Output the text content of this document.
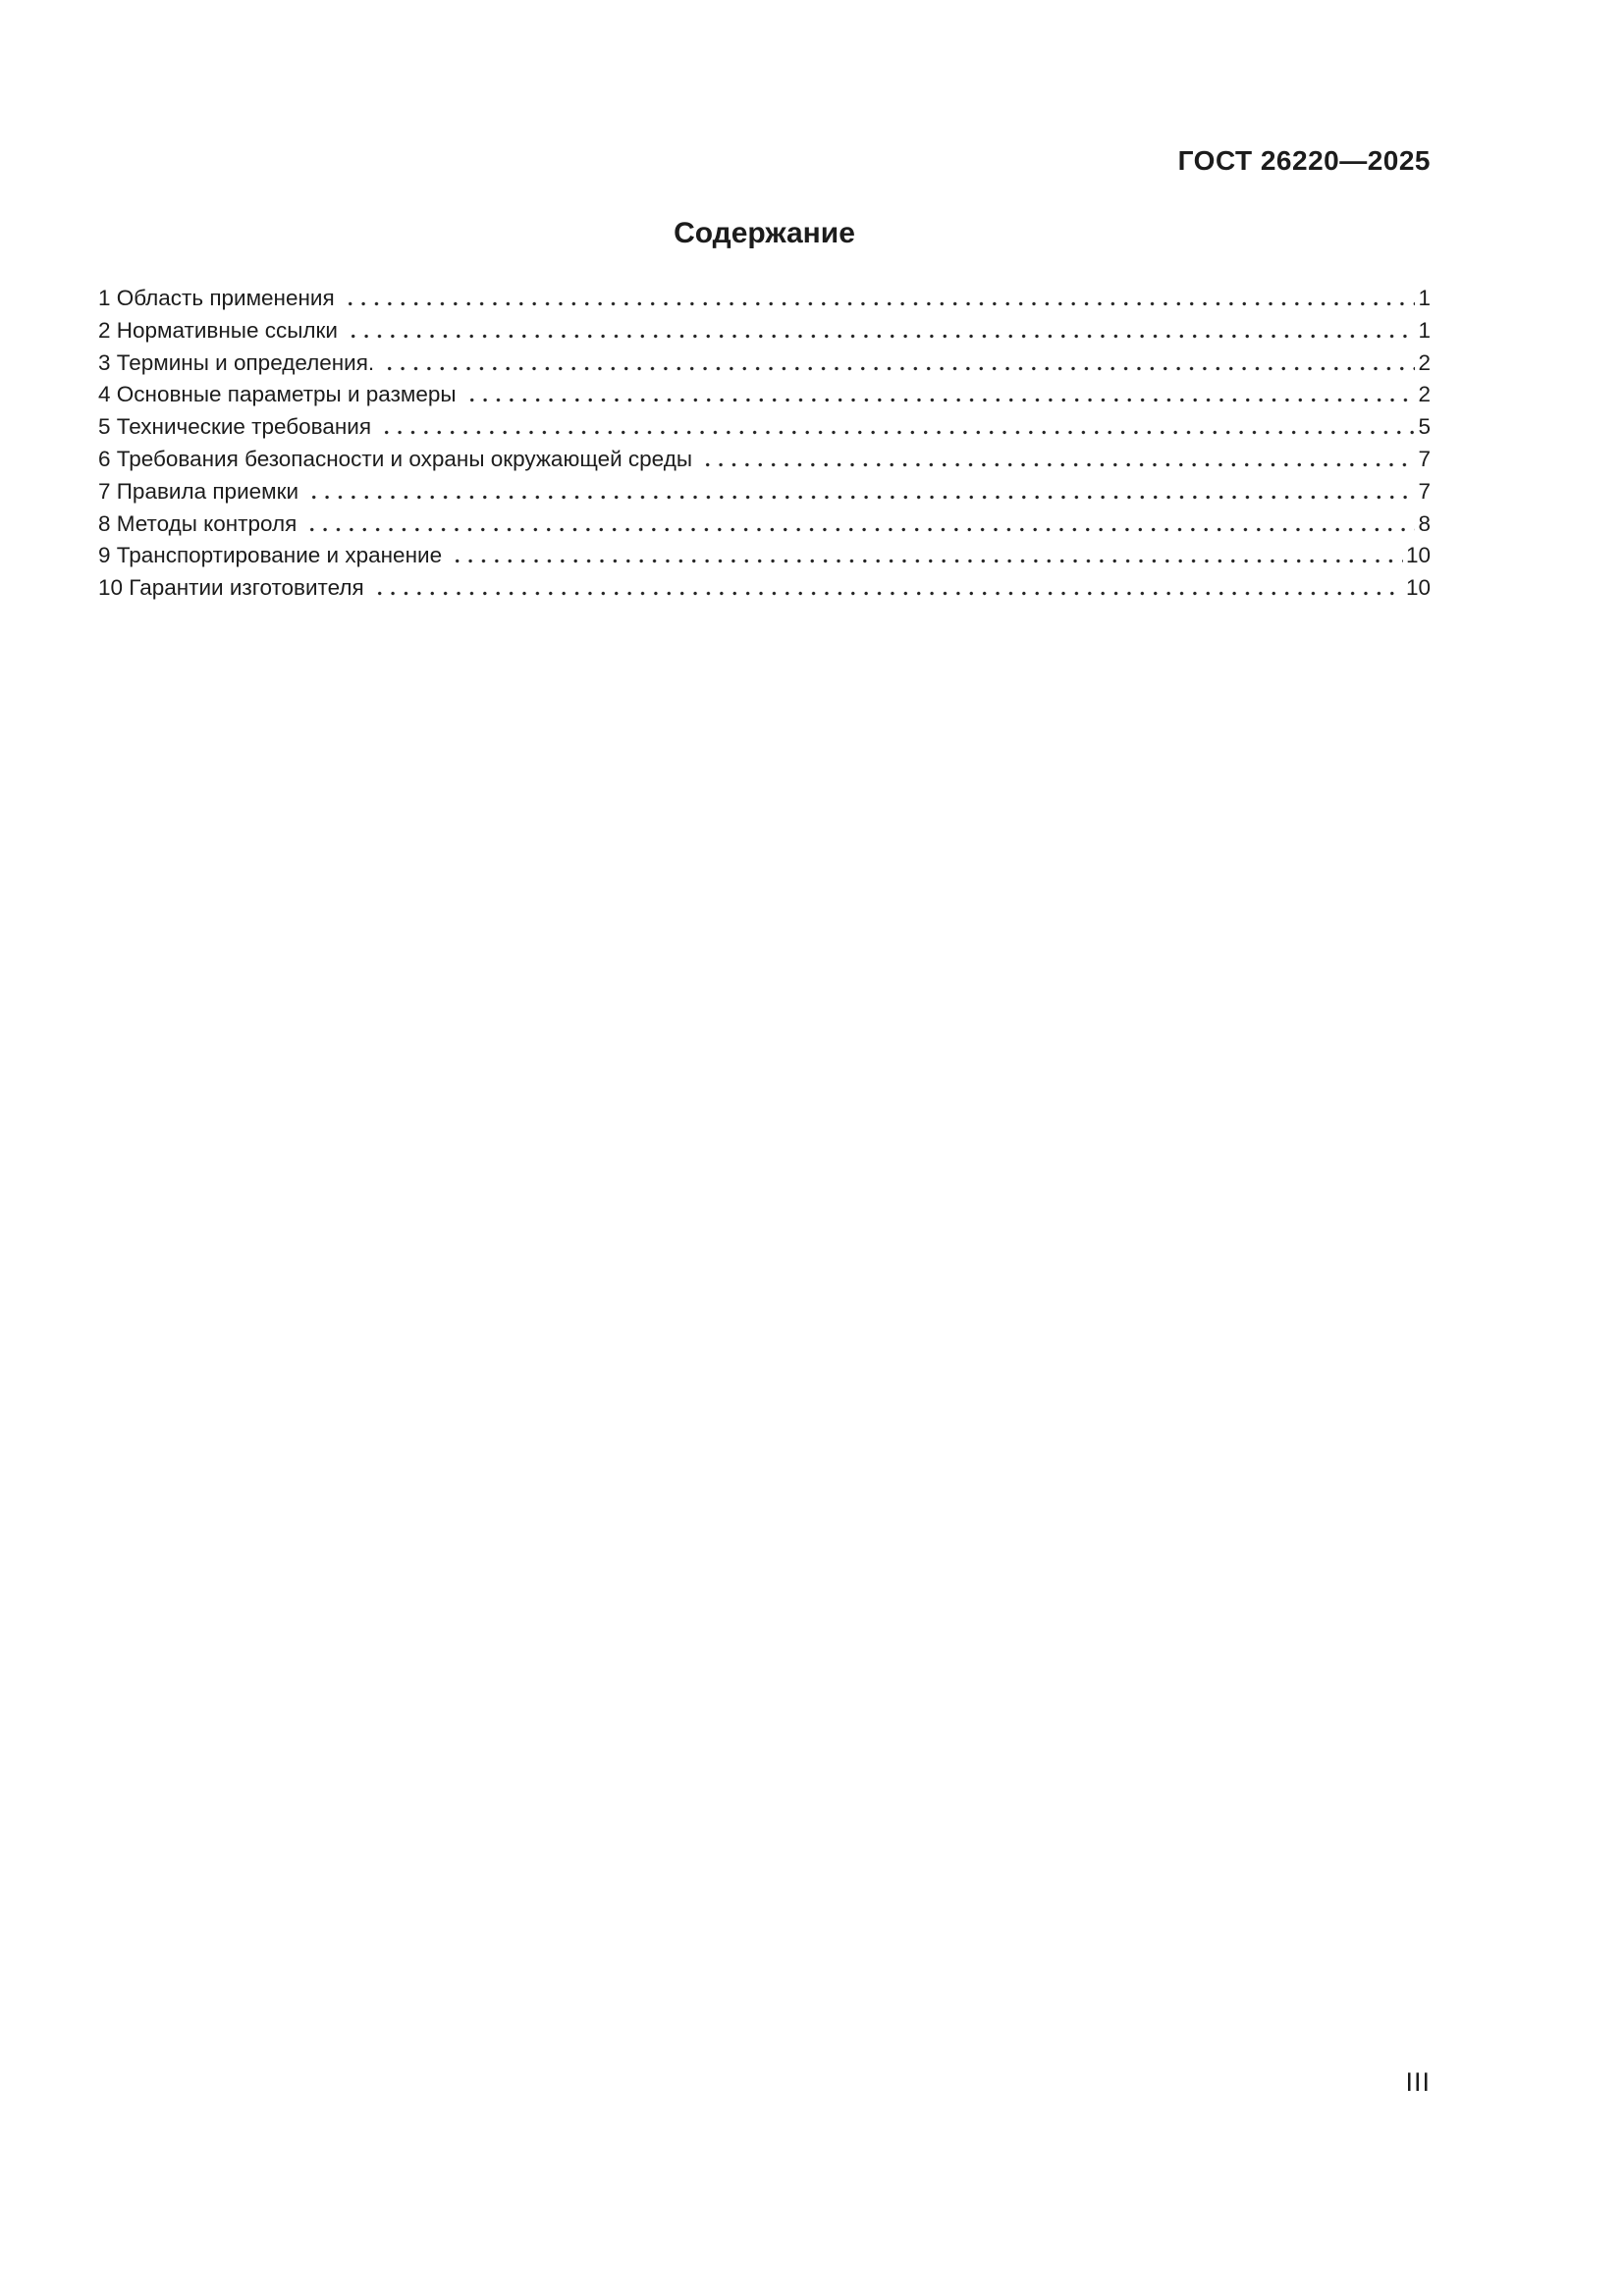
ГОСТ 26220—2025
Содержание
1 Область применения	1
2 Нормативные ссылки	1
3 Термины и определения.	2
4 Основные параметры и размеры	2
5 Технические требования	5
6 Требования безопасности и охраны окружающей среды	7
7 Правила приемки	7
8 Методы контроля	8
9 Транспортирование и хранение	10
10 Гарантии изготовителя	10
III
